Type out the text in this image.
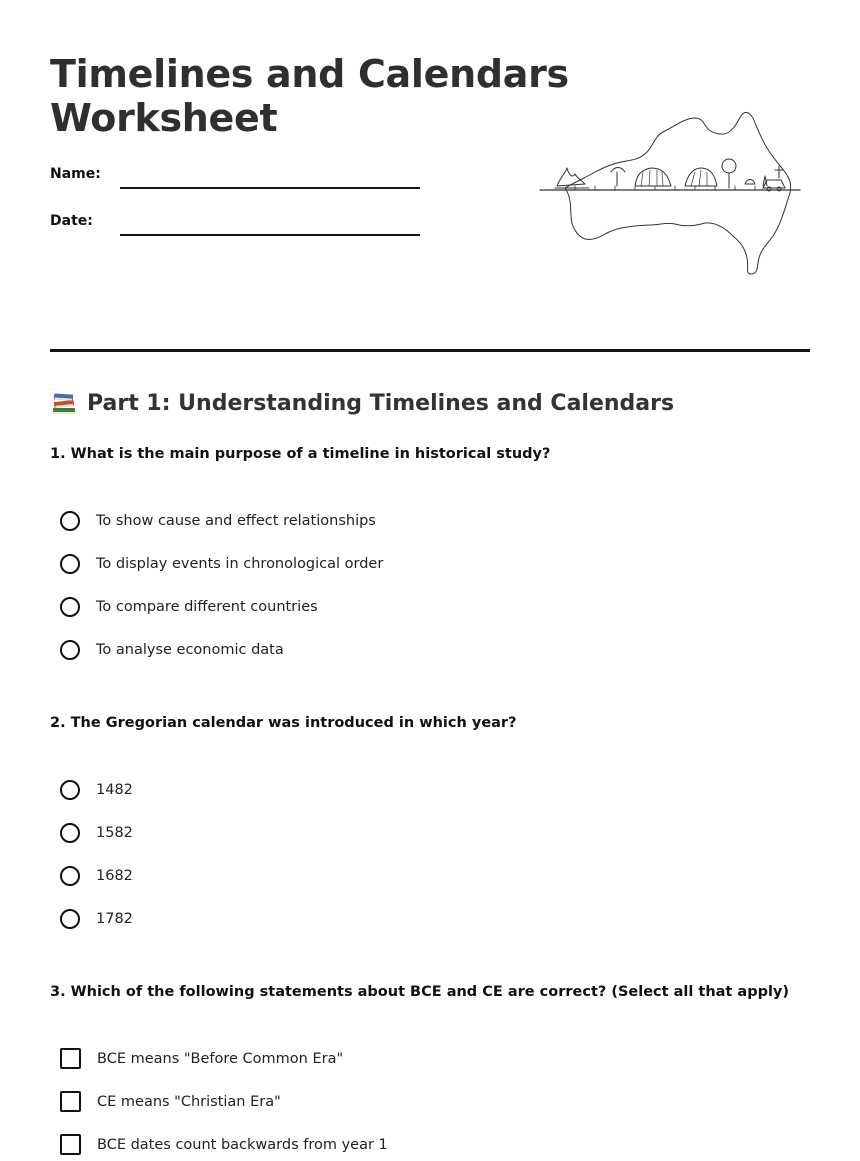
Timelines and Calendars
Worksheet
Name:
Date:
Part 1: Understanding Timelines and Calendars

1. What is the main purpose of a timeline in historical study?

To show cause and effect relationships
To display events in chronological order
To compare different countries
To analyse economic data

2. The Gregorian calendar was introduced in which year?

1482
1582
1682
1782

3. Which of the following statements about BCE and CE are correct? (Select all that apply)

BCE means "Before Common Era"
CE means "Christian Era"
BCE dates count backwards from year 1
